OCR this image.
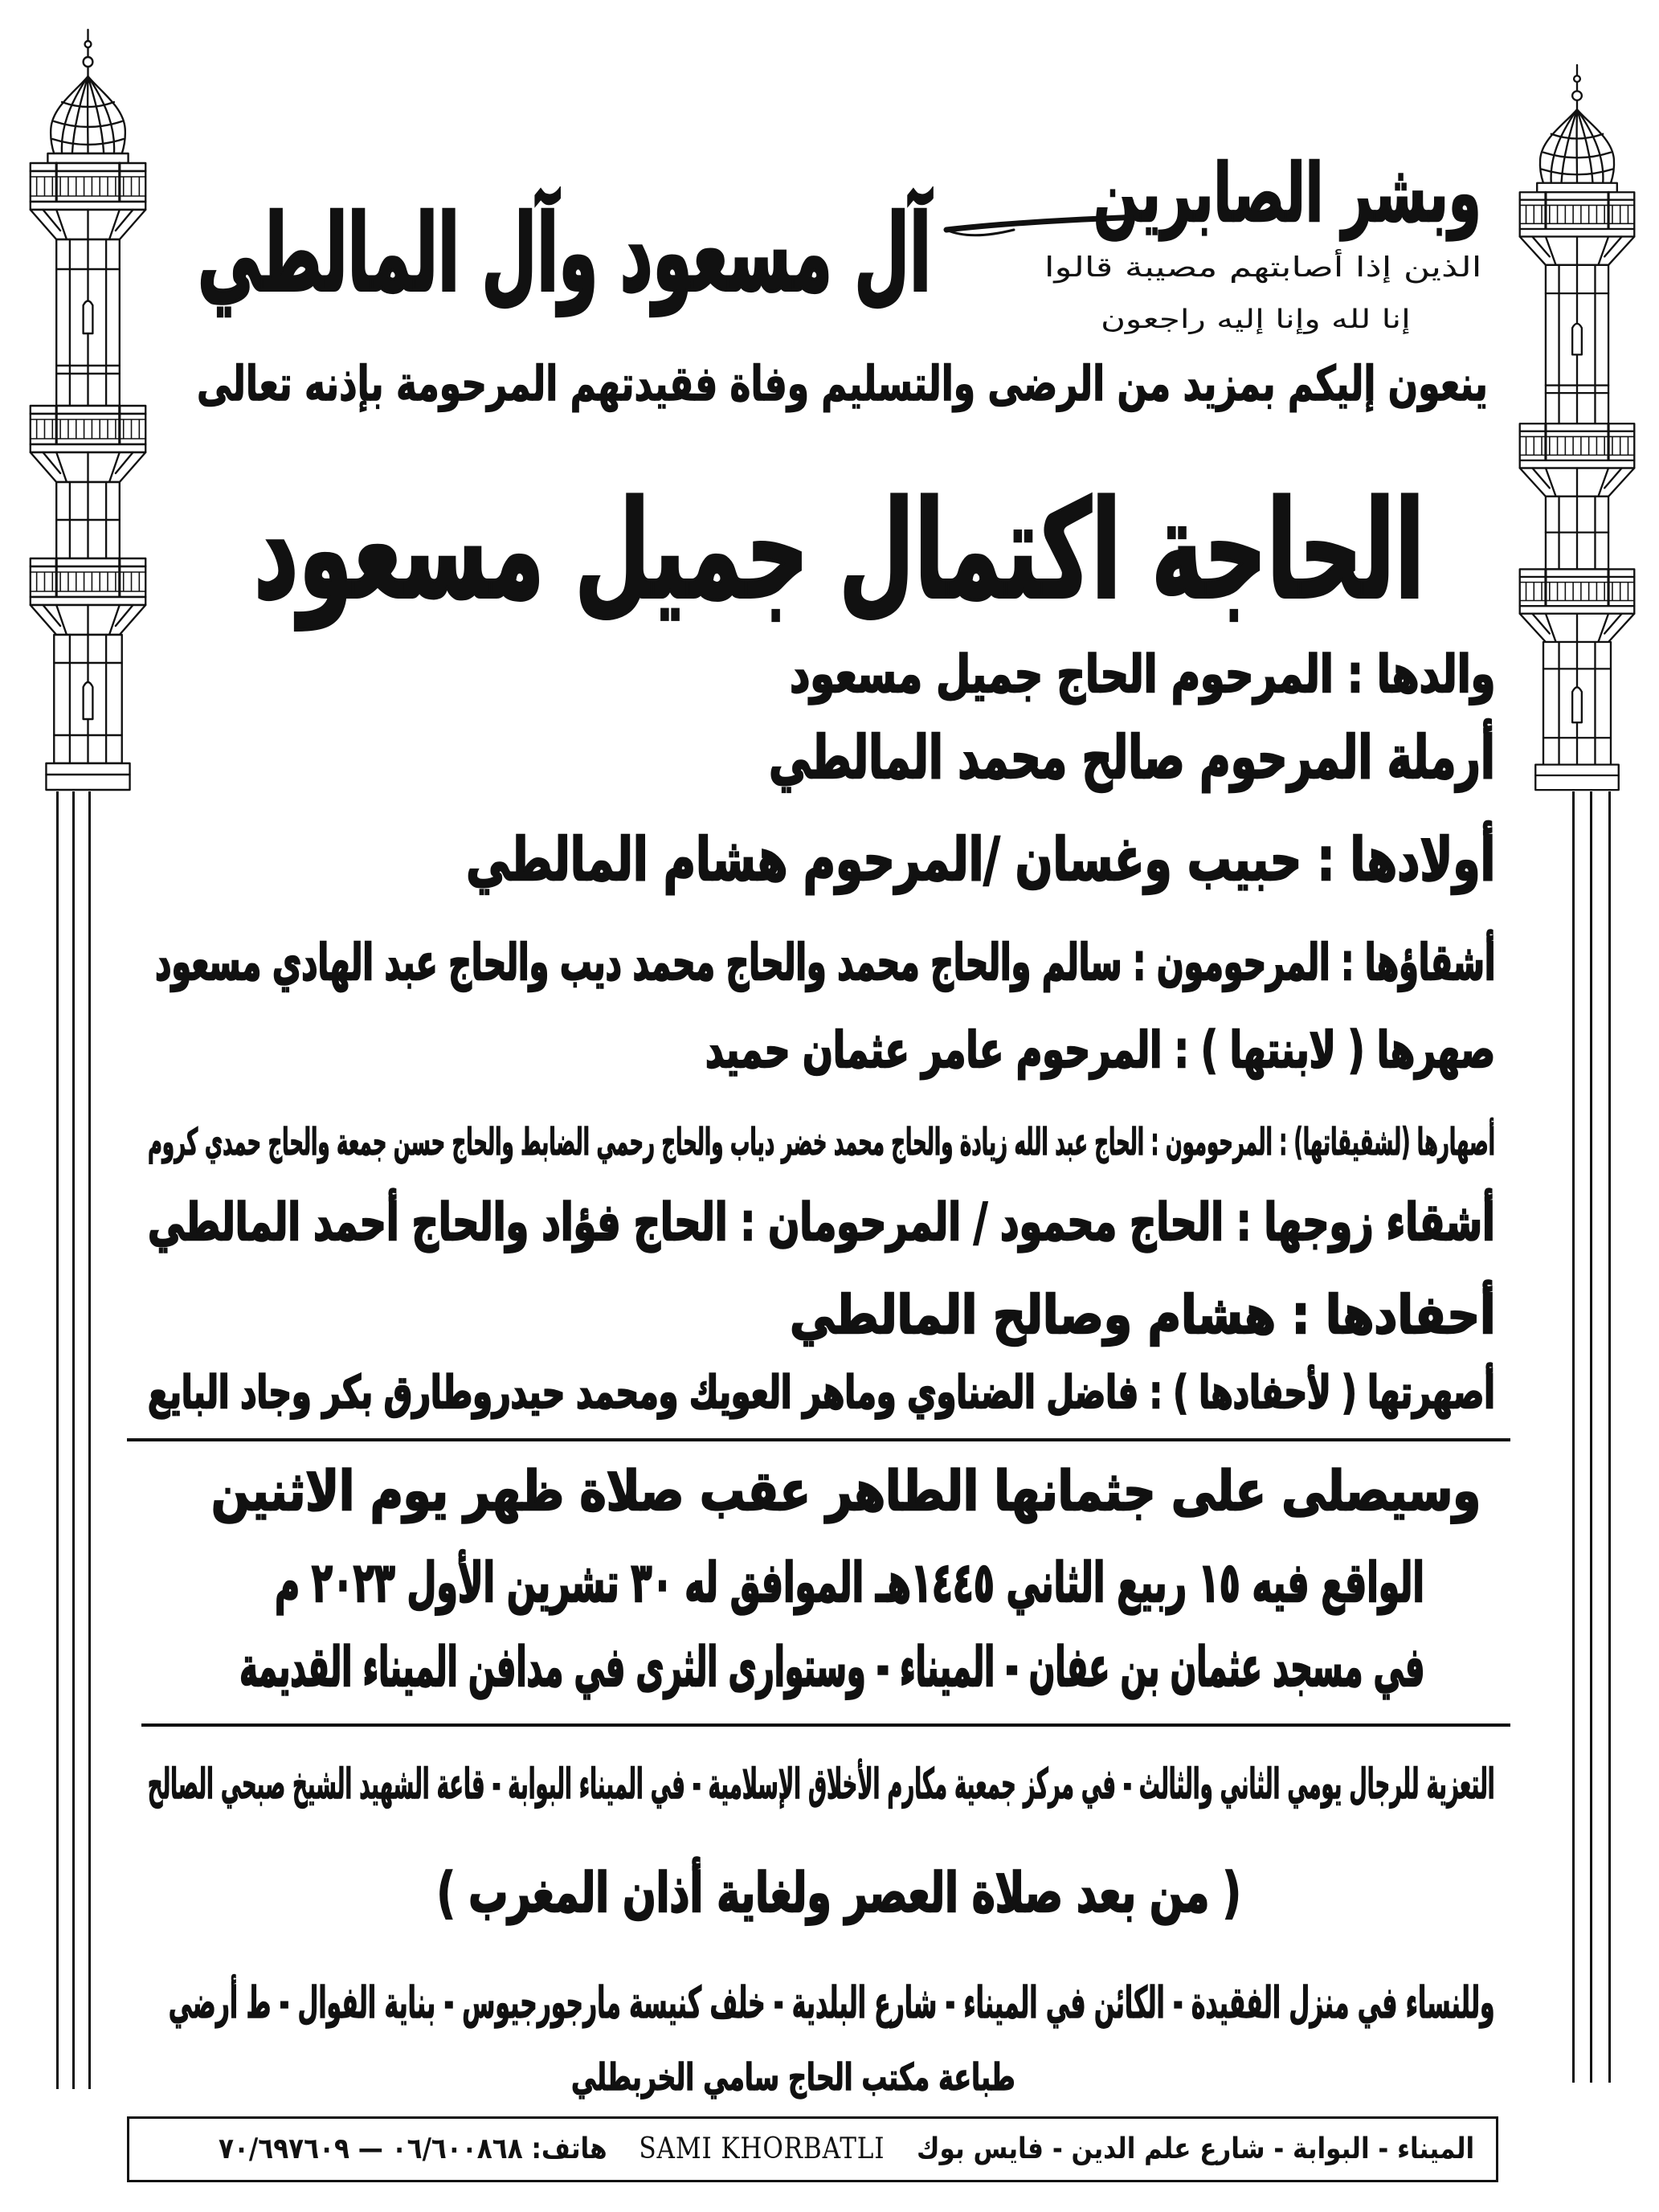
وبشر الصابرين
الذين إذا أصابتهم مصيبة قالوا
إنا لله وإنا إليه راجعون
آل مسعود وآل المالطي
ينعون إليكم بمزيد من الرضى والتسليم وفاة فقيدتهم المرحومة بإذنه تعالى
الحاجة اكتمال جميل مسعود
والدها : المرحوم الحاج جميل مسعود
أرملة المرحوم صالح محمد المالطي
أولادها : حبيب وغسان /المرحوم هشام المالطي
أشقاؤها : المرحومون : سالم والحاج محمد والحاج محمد ديب والحاج عبد الهادي مسعود
صهرها ( لابنتها ) : المرحوم عامر عثمان حميد
أصهارها (لشقيقاتها) : المرحومون : الحاج عبد الله زيادة والحاج محمد خضر دياب والحاج رحمي الضابط والحاج حسن جمعة والحاج حمدي كروم
أشقاء زوجها : الحاج محمود / المرحومان : الحاج فؤاد والحاج أحمد المالطي
أحفادها : هشام وصالح المالطي
أصهرتها ( لأحفادها ) : فاضل الضناوي وماهر العويك ومحمد حيدروطارق بكر وجاد البايع
وسيصلى على جثمانها الطاهر عقب صلاة ظهر يوم الاثنين
الواقع فيه ١٥ ربيع الثاني ١٤٤٥هـ الموافق له ٣٠ تشرين الأول ٢٠٢٣ م
في مسجد عثمان بن عفان - الميناء - وستوارى الثرى في مدافن الميناء القديمة
التعزية للرجال يومي الثاني والثالث - في مركز جمعية مكارم الأخلاق الإسلامية - في الميناء البوابة - قاعة الشهيد الشيخ صبحي الصالح
( من بعد صلاة العصر ولغاية أذان المغرب )
وللنساء في منزل الفقيدة - الكائن في الميناء - شارع البلدية - خلف كنيسة مارجورجيوس - بناية الفوال - ط أرضي
طباعة مكتب الحاج سامي الخربطلي
الميناء - البوابة - شارع علم الدين - فايس بوكSAMI KHORBATLIهاتف: ٠٦/٦٠٠٨٦٨ — ٧٠/٦٩٧٦٠٩
